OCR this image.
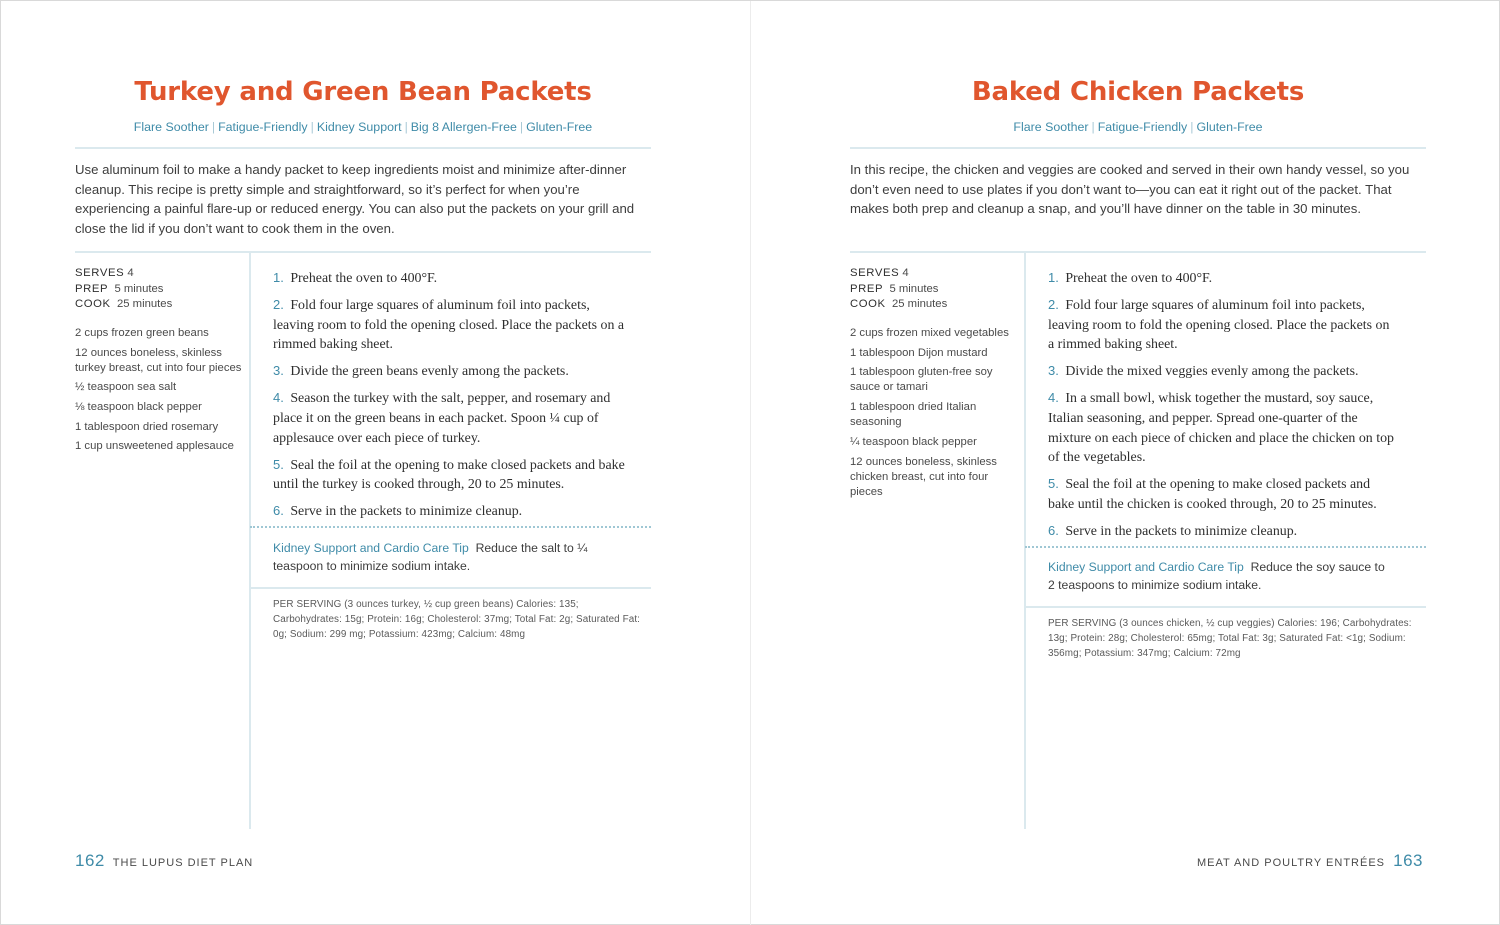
Turkey and Green Bean Packets
Flare Soother | Fatigue-Friendly | Kidney Support | Big 8 Allergen-Free | Gluten-Free

Use aluminum foil to make a handy packet to keep ingredients moist and minimize after-dinner cleanup. This recipe is pretty simple and straightforward, so it’s perfect for when you’re experiencing a painful flare-up or reduced energy. You can also put the packets on your grill and close the lid if you don’t want to cook them in the oven.

SERVES 4
PREP 5 minutes
COOK 25 minutes
2 cups frozen green beans
12 ounces boneless, skinless turkey breast, cut into four pieces
½ teaspoon sea salt
⅛ teaspoon black pepper
1 tablespoon dried rosemary
1 cup unsweetened applesauce
1. Preheat the oven to 400°F.
2. Fold four large squares of aluminum foil into packets, leaving room to fold the opening closed. Place the packets on a rimmed baking sheet.
3. Divide the green beans evenly among the packets.
4. Season the turkey with the salt, pepper, and rosemary and place it on the green beans in each packet. Spoon ¼ cup of applesauce over each piece of turkey.
5. Seal the foil at the opening to make closed packets and bake until the turkey is cooked through, 20 to 25 minutes.
6. Serve in the packets to minimize cleanup.

Kidney Support and Cardio Care Tip Reduce the salt to ¼ teaspoon to minimize sodium intake.

PER SERVING (3 ounces turkey, ½ cup green beans) Calories: 135; Carbohydrates: 15g; Protein: 16g; Cholesterol: 37mg; Total Fat: 2g; Saturated Fat: 0g; Sodium: 299 mg; Potassium: 423mg; Calcium: 48mg

Baked Chicken Packets
Flare Soother | Fatigue-Friendly | Gluten-Free

In this recipe, the chicken and veggies are cooked and served in their own handy vessel, so you don’t even need to use plates if you don’t want to—you can eat it right out of the packet. That makes both prep and cleanup a snap, and you’ll have dinner on the table in 30 minutes.

SERVES 4
PREP 5 minutes
COOK 25 minutes
2 cups frozen mixed vegetables
1 tablespoon Dijon mustard
1 tablespoon gluten-free soy sauce or tamari
1 tablespoon dried Italian seasoning
¼ teaspoon black pepper
12 ounces boneless, skinless chicken breast, cut into four pieces
1. Preheat the oven to 400°F.
2. Fold four large squares of aluminum foil into packets, leaving room to fold the opening closed. Place the packets on a rimmed baking sheet.
3. Divide the mixed veggies evenly among the packets.
4. In a small bowl, whisk together the mustard, soy sauce, Italian seasoning, and pepper. Spread one-quarter of the mixture on each piece of chicken and place the chicken on top of the vegetables.
5. Seal the foil at the opening to make closed packets and bake until the chicken is cooked through, 20 to 25 minutes.
6. Serve in the packets to minimize cleanup.

Kidney Support and Cardio Care Tip Reduce the soy sauce to 2 teaspoons to minimize sodium intake.

PER SERVING (3 ounces chicken, ½ cup veggies) Calories: 196; Carbohydrates: 13g; Protein: 28g; Cholesterol: 65mg; Total Fat: 3g; Saturated Fat: <1g; Sodium: 356mg; Potassium: 347mg; Calcium: 72mg

162 THE LUPUS DIET PLAN	MEAT AND POULTRY ENTRÉES 163
